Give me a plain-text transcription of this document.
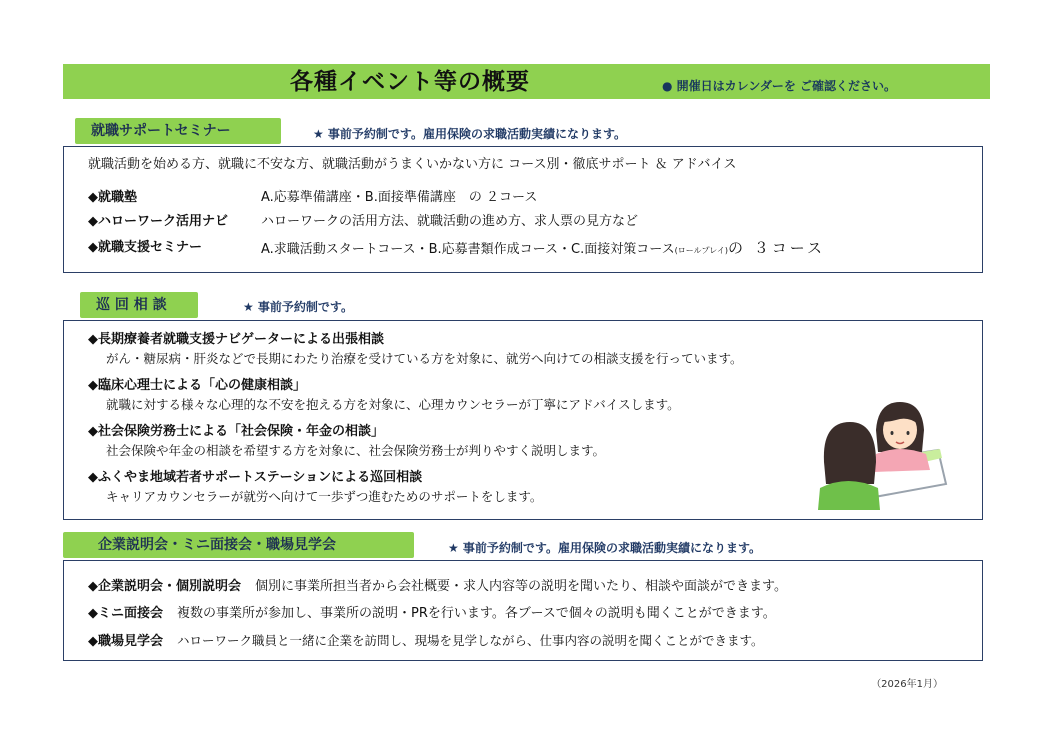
各種イベント等の概要	● 開催日はカレンダーを ご確認ください。
就職サポートセミナー	★ 事前予約制です。雇用保険の求職活動実績になります。
就職活動を始める方、就職に不安な方、就職活動がうまくいかない方に コース別・徹底サポート ＆ アドバイス
◆就職塾	A.応募準備講座・B.面接準備講座　の ２コース
◆ハローワーク活用ナビ	ハローワークの活用方法、就職活動の進め方、求人票の見方など
◆就職支援セミナー	A.求職活動スタートコース・B.応募書類作成コース・C.面接対策コース(ロールプレイ)の ３コース
巡 回 相 談	★ 事前予約制です。
◆長期療養者就職支援ナビゲーターによる出張相談
がん・糖尿病・肝炎などで長期にわたり治療を受けている方を対象に、就労へ向けての相談支援を行っています。
◆臨床心理士による「心の健康相談」
就職に対する様々な心理的な不安を抱える方を対象に、心理カウンセラーが丁寧にアドバイスします。
◆社会保険労務士による「社会保険・年金の相談」
社会保険や年金の相談を希望する方を対象に、社会保険労務士が判りやすく説明します。
◆ふくやま地域若者サポートステーションによる巡回相談
キャリアカウンセラーが就労へ向けて一歩ずつ進むためのサポートをします。
企業説明会・ミニ面接会・職場見学会	★ 事前予約制です。雇用保険の求職活動実績になります。
◆企業説明会・個別説明会 個別に事業所担当者から会社概要・求人内容等の説明を聞いたり、相談や面談ができます。
◆ミニ面接会 複数の事業所が参加し、事業所の説明・PRを行います。各ブースで個々の説明も聞くことができます。
◆職場見学会 ハローワーク職員と一緒に企業を訪問し、現場を見学しながら、仕事内容の説明を聞くことができます。
（2026年1月）
